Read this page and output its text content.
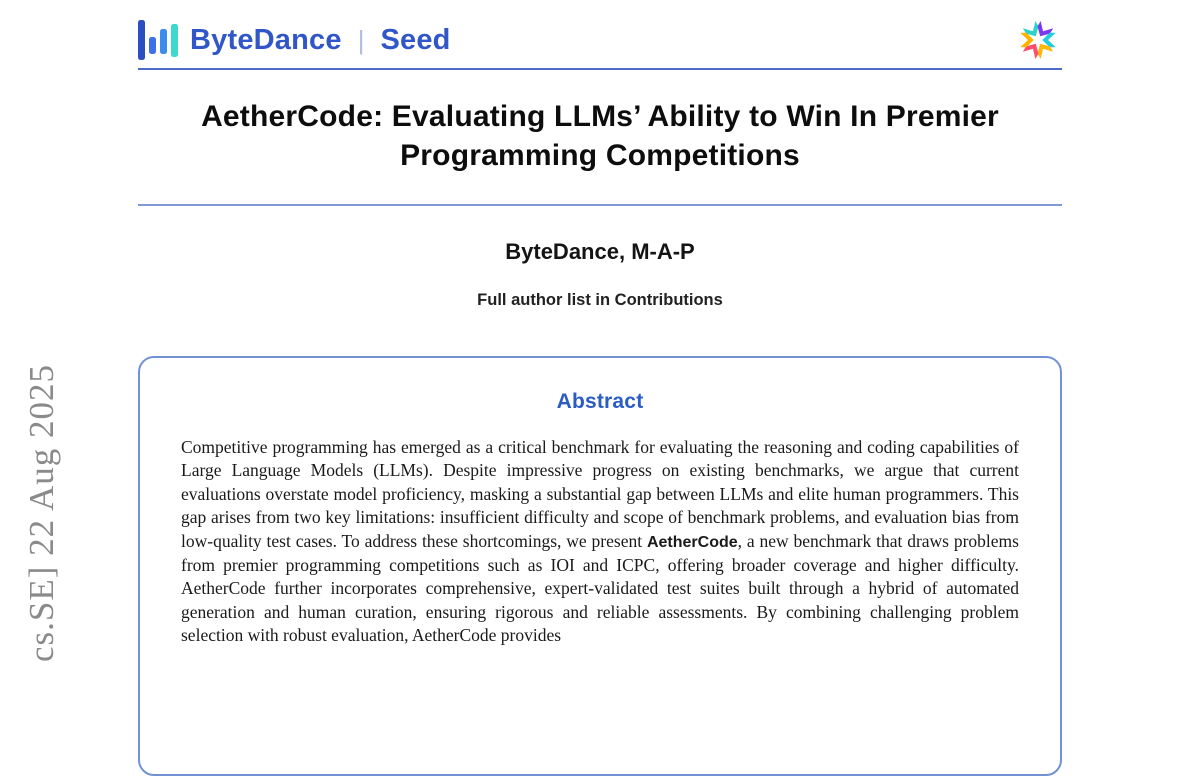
cs.SE] 22 Aug 2025
ByteDance | Seed
AetherCode: Evaluating LLMs’ Ability to Win In Premier Programming Competitions
ByteDance, M-A-P
Full author list in Contributions
Abstract

Competitive programming has emerged as a critical benchmark for evaluating the reasoning and coding capabilities of Large Language Models (LLMs). Despite impressive progress on existing benchmarks, we argue that current evaluations overstate model proficiency, masking a substantial gap between LLMs and elite human programmers. This gap arises from two key limitations: insufficient difficulty and scope of benchmark problems, and evaluation bias from low-quality test cases. To address these shortcomings, we present AetherCode, a new benchmark that draws problems from premier programming competitions such as IOI and ICPC, offering broader coverage and higher difficulty. AetherCode further incorporates comprehensive, expert-validated test suites built through a hybrid of automated generation and human curation, ensuring rigorous and reliable assessments. By combining challenging problem selection with robust evaluation, AetherCode provides
